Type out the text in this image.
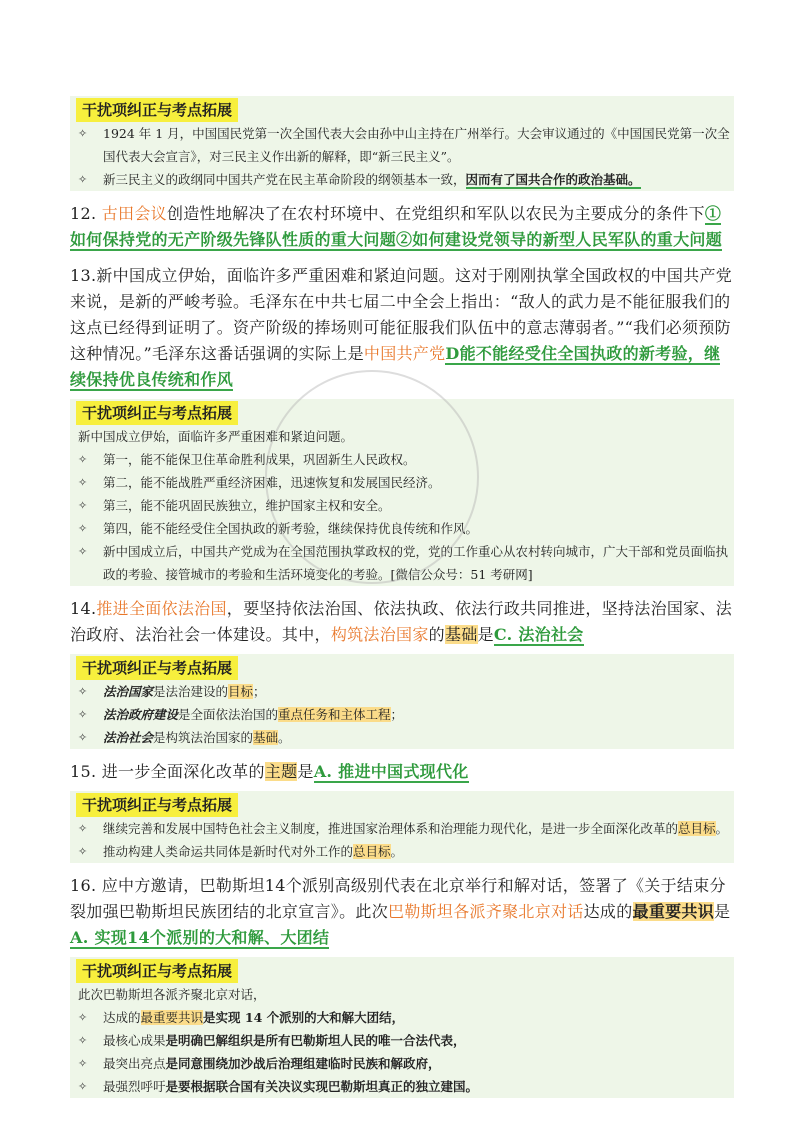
干扰项纠正与考点拓展
✧ 1924 年 1 月，中国国民党第一次全国代表大会由孙中山主持在广州举行。大会审议通过的《中国国民党第一次全国代表大会宣言》，对三民主义作出新的解释，即“新三民主义”。
✧ 新三民主义的政纲同中国共产党在民主革命阶段的纲领基本一致，因而有了国共合作的政治基础。
12. 古田会议创造性地解决了在农村环境中、在党组织和军队以农民为主要成分的条件下①如何保持党的无产阶级先锋队性质的重大问题②如何建设党领导的新型人民军队的重大问题
13.新中国成立伊始，面临许多严重困难和紧迫问题。这对于刚刚执掌全国政权的中国共产党来说，是新的严峻考验。毛泽东在中共七届二中全会上指出：“敌人的武力是不能征服我们的这点已经得到证明了。资产阶级的捧场则可能征服我们队伍中的意志薄弱者。”“我们必须预防这种情况。”毛泽东这番话强调的实际上是中国共产党D能不能经受住全国执政的新考验，继续保持优良传统和作风
干扰项纠正与考点拓展
新中国成立伊始，面临许多严重困难和紧迫问题。
✧ 第一，能不能保卫住革命胜利成果，巩固新生人民政权。
✧ 第二，能不能战胜严重经济困难，迅速恢复和发展国民经济。
✧ 第三，能不能巩固民族独立，维护国家主权和安全。
✧ 第四，能不能经受住全国执政的新考验，继续保持优良传统和作风。
✧ 新中国成立后，中国共产党成为在全国范围执掌政权的党，党的工作重心从农村转向城市，广大干部和党员面临执政的考验、接管城市的考验和生活环境变化的考验。[微信公众号：51 考研网]
14.推进全面依法治国，要坚持依法治国、依法执政、依法行政共同推进，坚持法治国家、法治政府、法治社会一体建设。其中，构筑法治国家的基础是C. 法治社会
干扰项纠正与考点拓展
✧ 法治国家是法治建设的目标；
✧ 法治政府建设是全面依法治国的重点任务和主体工程；
✧ 法治社会是构筑法治国家的基础。
15. 进一步全面深化改革的主题是A. 推进中国式现代化
干扰项纠正与考点拓展
✧ 继续完善和发展中国特色社会主义制度，推进国家治理体系和治理能力现代化，是进一步全面深化改革的总目标。
✧ 推动构建人类命运共同体是新时代对外工作的总目标。
16. 应中方邀请，巴勒斯坦14个派别高级别代表在北京举行和解对话，签署了《关于结束分裂加强巴勒斯坦民族团结的北京宣言》。此次巴勒斯坦各派齐聚北京对话达成的最重要共识是A. 实现14个派别的大和解、大团结
干扰项纠正与考点拓展
此次巴勒斯坦各派齐聚北京对话，
✧ 达成的最重要共识是实现 14 个派别的大和解大团结，
✧ 最核心成果是明确巴解组织是所有巴勒斯坦人民的唯一合法代表，
✧ 最突出亮点是同意围绕加沙战后治理组建临时民族和解政府，
✧ 最强烈呼吁是要根据联合国有关决议实现巴勒斯坦真正的独立建国。
